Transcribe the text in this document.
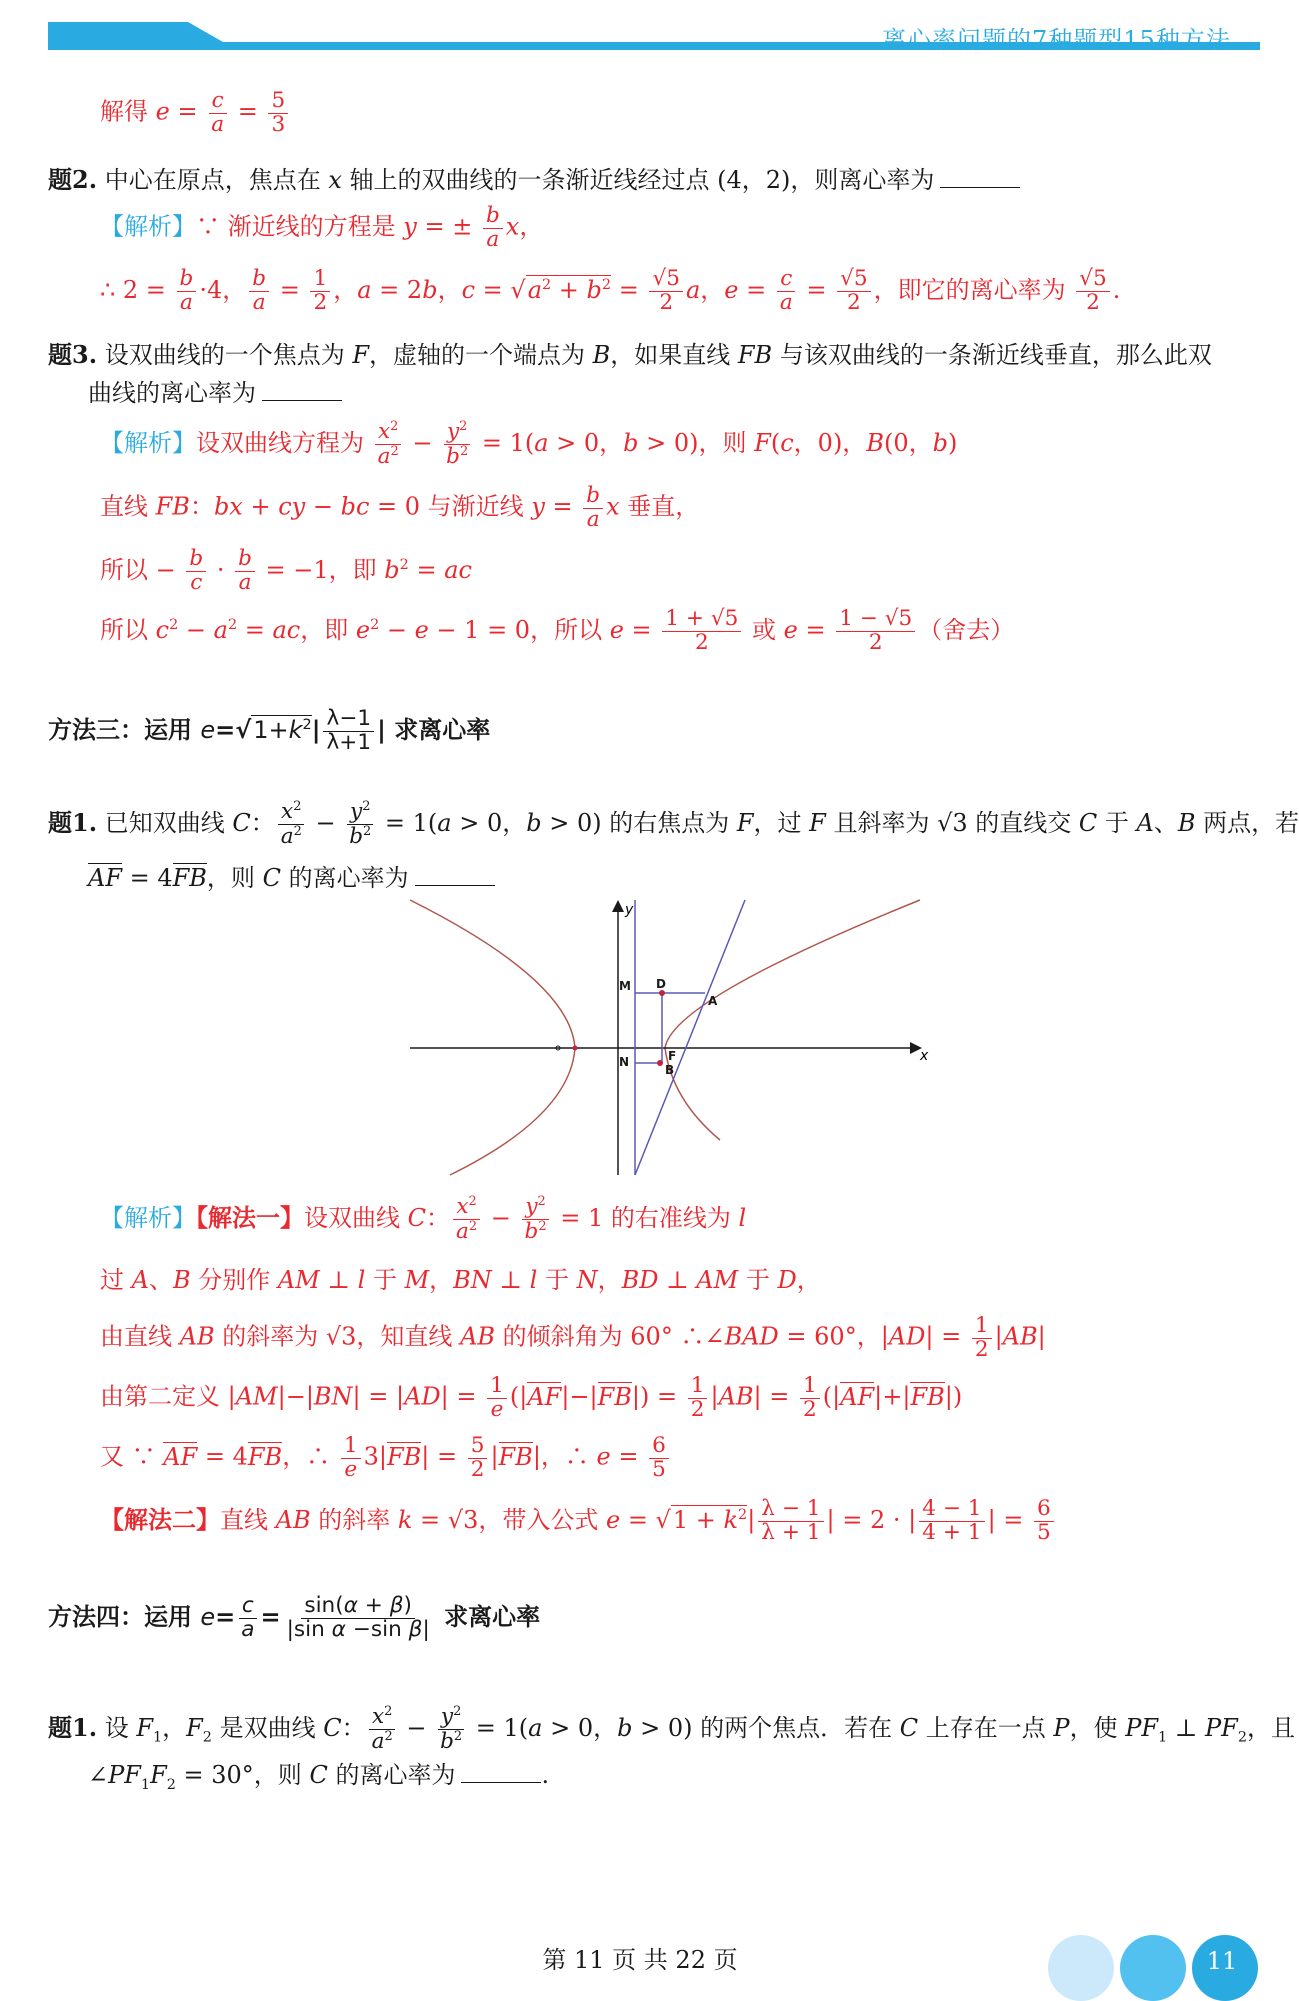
离心率问题的7种题型15种方法
解得 $e = \frac{c}{a} = \frac{5}{3}$
题2. 中心在原点，焦点在 x 轴上的双曲线的一条渐近线经过点 (4，2)，则离心率为
【解析】∵ 渐近线的方程是 y = ± $\frac{b}{a}$ x，
∴ $2 = \frac{b}{a} \cdot 4$， $\frac{b}{a} = \frac{1}{2}$ ，a = 2b，$c = √a^2 + b^2 = \frac{√5}{2}$ a，$e = \frac{c}{a} = \frac{√5}{2}$ ，即它的离心率为 $\frac{√5}{2}$ .
题3. 设双曲线的一个焦点为 F，虚轴的一个端点为 B，如果直线 FB 与该双曲线的一条渐近线垂直，那么此双
曲线的离心率为
【解析】设双曲线方程为 $\frac{x^2}{a^2} - \frac{y^2}{b^2} = 1(a > 0$，b > 0)，则 F(c，0)，B(0，b)
直线 FB：bx + cy − bc = 0 与渐近线 $y = \frac{b}{a}$ x 垂直，
所以 − $\frac{b}{c} \cdot \frac{b}{a} = -1$，即 $b^2$ = ac
所以 $c^2 - a^2$ = ac，即 $e^2 - e - 1 = 0$，所以 $e = \frac{1 + √5}{2}$ 或 $e = \frac{1 - √5}{2}$ （舍去）
方法三：运用 $e=√1+k^2| \frac{\lambda-1}{\lambda+1}$ | 求离心率
题1. 已知双曲线 C： $\frac{x^2}{a^2} - \frac{y^2}{b^2} = 1(a > 0$，b > 0) 的右焦点为 F，过 F 且斜率为 √3 的直线交 C 于 A、B 两点，若
AF = 4FB，则 C 的离心率为
【解析】【解法一】设双曲线 C： $\frac{x^2}{a^2} - \frac{y^2}{b^2} = 1$ 的右准线为 l
过 A、B 分别作 AM ⊥ l 于 M，BN ⊥ l 于 N，BD ⊥ AM 于 D，
由直线 AB 的斜率为 √3，知直线 AB 的倾斜角为 60° ∴∠BAD = 60°，$|AD| = \frac{1}{2} |AB|$
由第二定义 $|AM|-|BN| = |AD| = \frac{1}{e} (|AF|-|FB|) = \frac{1}{2} |AB| = \frac{1}{2} (|AF|+|FB|)$
又 ∵ AF = 4FB，∴ $\frac{1}{e} 3|FB| = \frac{5}{2} |FB|$，∴ $e = \frac{6}{5}$
【解法二】直线 AB 的斜率 k = √3，带入公式 $e = √1 + k^2| \frac{\lambda - 1}{\lambda + 1}$ | = 2 · | $\frac{4 - 1}{4 + 1}$ | = $\frac{6}{5}$
方法四：运用 $e= \frac{c}{a} = \frac{\sin(\alpha + \beta)}{\text{|sin α −sin β|}}$ 求离心率
题1. 设 $F_1$，$F_2$ 是双曲线 C： $\frac{x^2}{a^2} - \frac{y^2}{b^2} = 1(a > 0$，b > 0) 的两个焦点．若在 C 上存在一点 P，使 $PF_1$ ⊥ $PF_2$，且
$\angle PF_1F_2 = 30^\circ$，则 C 的离心率为	.
x
y
M D
A
N	F
B
第 11 页 共 22 页	11
